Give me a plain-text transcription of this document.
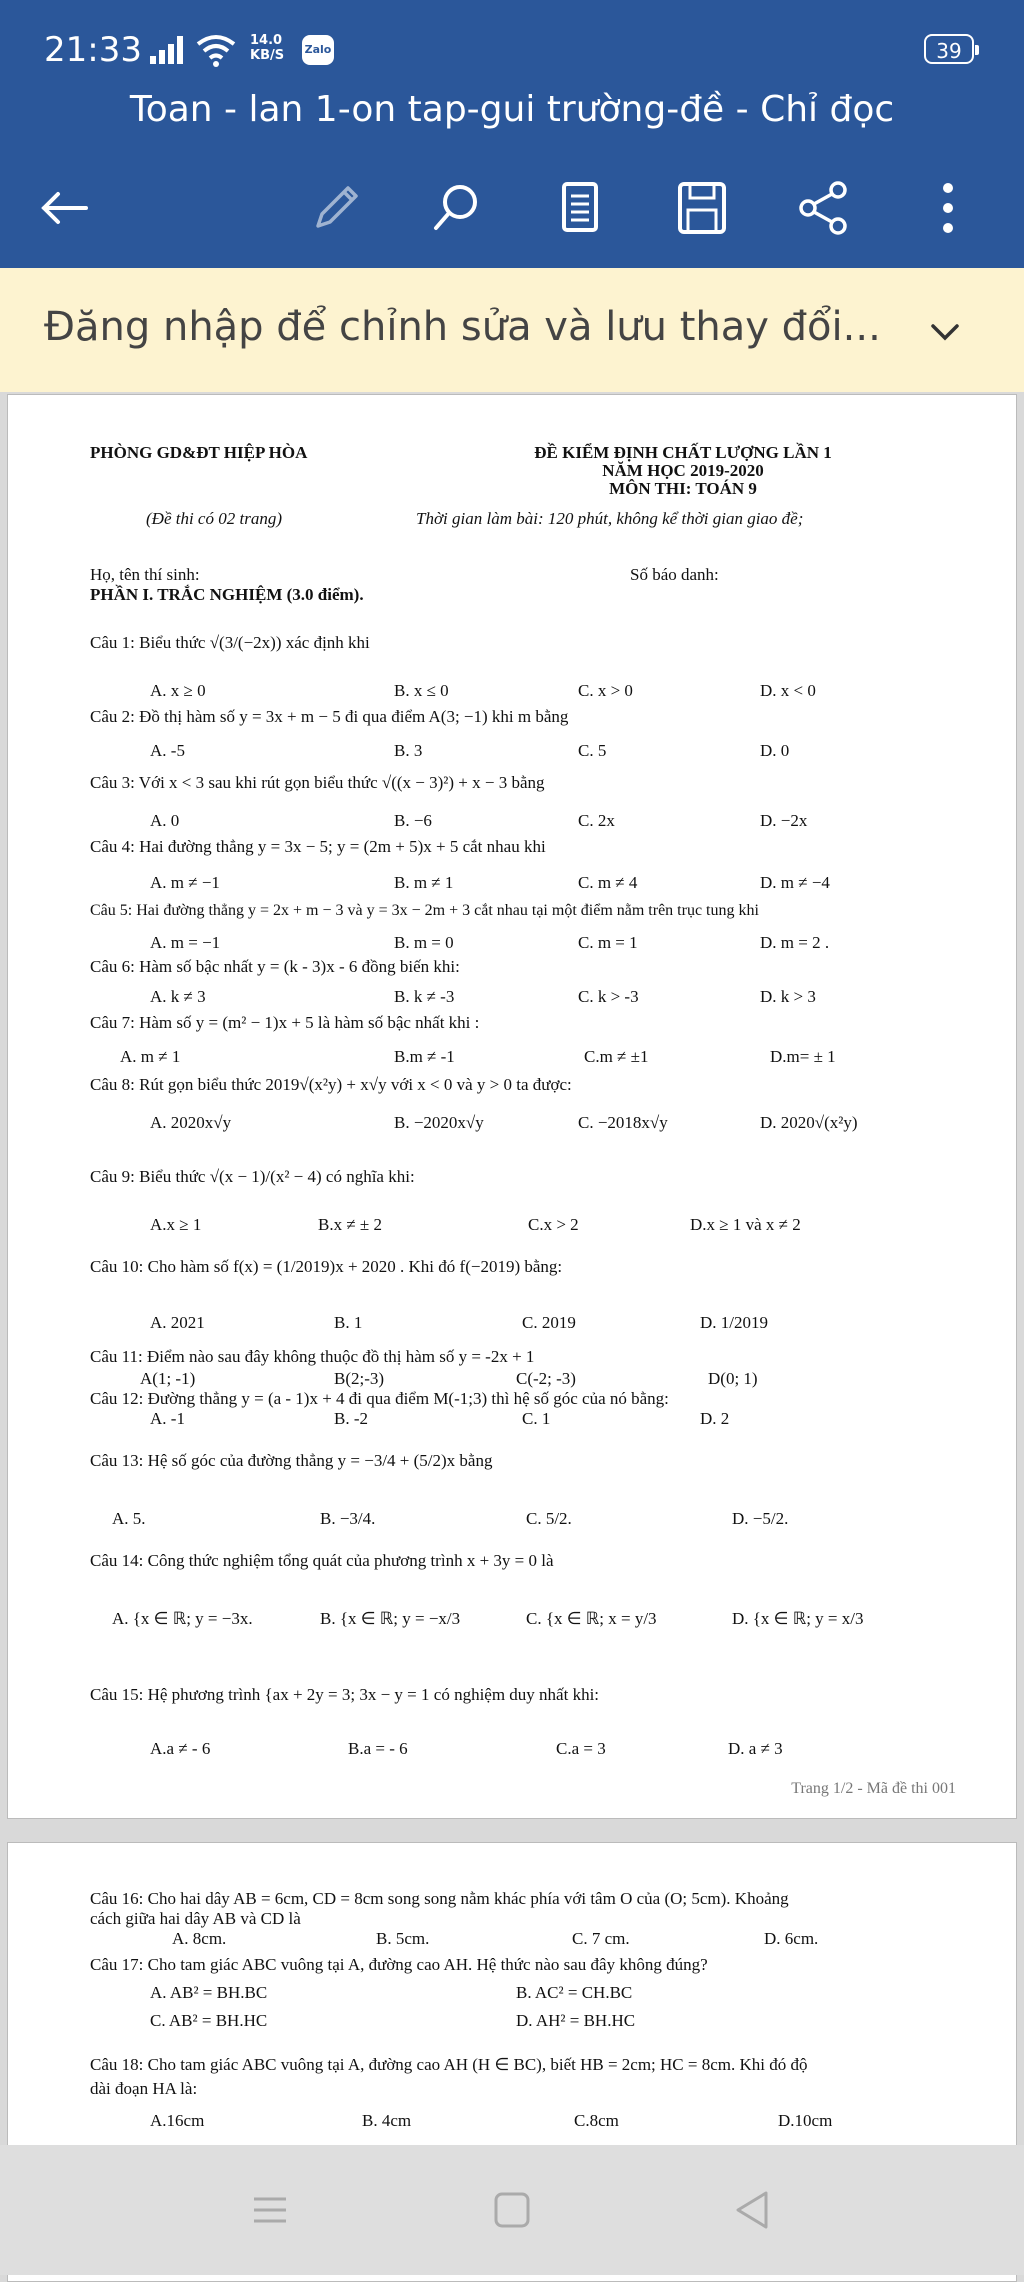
21:33	14.0
KB/S Zalo	39
Toan - lan 1-on tap-gui trường-đề - Chỉ đọc
Đăng nhập để chỉnh sửa và lưu thay đổi...
PHÒNG GD&ĐT HIỆP HÒA
(Đề thi có 02 trang)
ĐỀ KIỂM ĐỊNH CHẤT LƯỢNG LẦN 1
NĂM HỌC 2019-2020
MÔN THI: TOÁN 9
Thời gian làm bài: 120 phút, không kể thời gian giao đề;
Họ, tên thí sinh:	Số báo danh:
PHẦN I. TRẮC NGHIỆM (3.0 điểm).
Câu 1: Biểu thức √(3/(−2x)) xác định khi
A. x ≥ 0	B. x ≤ 0	C. x > 0	D. x < 0
Câu 2: Đồ thị hàm số y = 3x + m − 5 đi qua điểm A(3; −1) khi m bằng
A. -5	B. 3	C. 5	D. 0
Câu 3: Với x < 3 sau khi rút gọn biểu thức √((x − 3)²) + x − 3 bằng
A. 0	B. −6	C. 2x	D. −2x
Câu 4: Hai đường thẳng y = 3x − 5; y = (2m + 5)x + 5 cắt nhau khi
A. m ≠ −1	B. m ≠ 1	C. m ≠ 4	D. m ≠ −4
Câu 5: Hai đường thẳng y = 2x + m − 3 và y = 3x − 2m + 3 cắt nhau tại một điểm nằm trên trục tung khi
A. m = −1	B. m = 0	C. m = 1	D. m = 2 .
Câu 6: Hàm số bậc nhất y = (k - 3)x - 6 đồng biến khi:
A. k ≠ 3	B. k ≠ -3	C. k > -3	D. k > 3
Câu 7: Hàm số y = (m² − 1)x + 5 là hàm số bậc nhất khi :
A. m ≠ 1	B.m ≠ -1	C.m ≠ ±1	D.m= ± 1
Câu 8: Rút gọn biểu thức 2019√(x²y) + x√y với x < 0 và y > 0 ta được:
A. 2020x√y	B. −2020x√y	C. −2018x√y	D. 2020√(x²y)
Câu 9: Biểu thức √(x − 1)/(x² − 4) có nghĩa khi:
A.x ≥ 1	B.x ≠ ± 2	C.x > 2	D.x ≥ 1 và x ≠ 2
Câu 10: Cho hàm số f(x) = (1/2019)x + 2020 . Khi đó f(−2019) bằng:
A. 2021	B. 1	C. 2019	D. 1/2019
Câu 11: Điểm nào sau đây không thuộc đồ thị hàm số y = -2x + 1
A(1; -1)	B(2;-3)	C(-2; -3)	D(0; 1)
Câu 12: Đường thẳng y = (a - 1)x + 4 đi qua điểm M(-1;3) thì hệ số góc của nó bằng:
A. -1	B. -2	C. 1	D. 2
Câu 13: Hệ số góc của đường thẳng y = −3/4 + (5/2)x bằng
A. 5.	B. −3/4.	C. 5/2.	D. −5/2.
Câu 14: Công thức nghiệm tổng quát của phương trình x + 3y = 0 là
A. {x ∈ ℝ; y = −3x.	B. {x ∈ ℝ; y = −x/3	C. {x ∈ ℝ; x = y/3	D. {x ∈ ℝ; y = x/3
Câu 15: Hệ phương trình {ax + 2y = 3; 3x − y = 1 có nghiệm duy nhất khi:
A.a ≠ - 6	B.a = - 6	C.a = 3	D. a ≠ 3
Trang 1/2 - Mã đề thi 001
Câu 16: Cho hai dây AB = 6cm, CD = 8cm song song nằm khác phía với tâm O của (O; 5cm). Khoảng
cách giữa hai dây AB và CD là
A. 8cm.	B. 5cm.	C. 7 cm.	D. 6cm.
Câu 17: Cho tam giác ABC vuông tại A, đường cao AH. Hệ thức nào sau đây không đúng?
A. AB² = BH.BC	B. AC² = CH.BC
C. AB² = BH.HC	D. AH² = BH.HC
Câu 18: Cho tam giác ABC vuông tại A, đường cao AH (H ∈ BC), biết HB = 2cm; HC = 8cm. Khi đó độ
dài đoạn HA là:
A.16cm	B. 4cm	C.8cm	D.10cm
